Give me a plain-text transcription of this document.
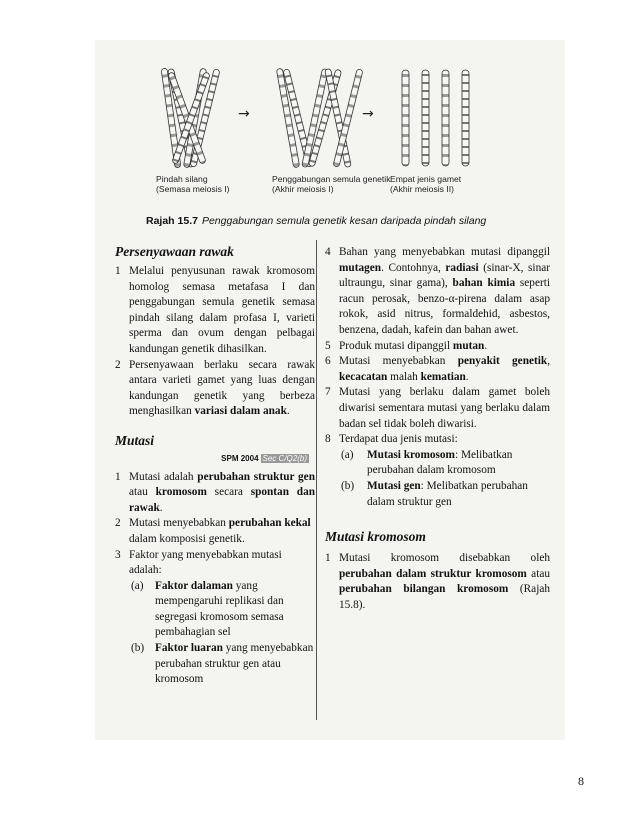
→	→
Pindah silang
(Semasa meiosis I)
Penggabungan semula genetik
(Akhir meiosis I)
Empat jenis gamet
(Akhir meiosis II)
Rajah 15.7 Penggabungan semula genetik kesan daripada pindah silang
Persenyawaan rawak

1 Melalui penyusunan rawak kromosom homolog semasa metafasa I dan penggabungan semula genetik semasa pindah silang dalam profasa I, varieti sperma dan ovum dengan pelbagai kandungan genetik dihasilkan.

2 Persenyawaan berlaku secara rawak antara varieti gamet yang luas dengan kandungan genetik yang berbeza menghasilkan variasi dalam anak.

Mutasi
SPM 2004 Sec C/Q2(b)

1 Mutasi adalah perubahan struktur gen atau kromosom secara spontan dan rawak.

2 Mutasi menyebabkan perubahan kekal dalam komposisi genetik.

3 Faktor yang menyebabkan mutasi adalah:

(a) Faktor dalaman yang mempengaruhi replikasi dan segregasi kromosom semasa pembahagian sel

(b) Faktor luaran yang menyebabkan perubahan struktur gen atau kromosom

4 Bahan yang menyebabkan mutasi dipanggil mutagen. Contohnya, radiasi (sinar-X, sinar ultraungu, sinar gama), bahan kimia seperti racun perosak, benzo-α-pirena dalam asap rokok, asid nitrus, formaldehid, asbestos, benzena, dadah, kafein dan bahan awet.

5 Produk mutasi dipanggil mutan.

6 Mutasi menyebabkan penyakit genetik, kecacatan malah kematian.

7 Mutasi yang berlaku dalam gamet boleh diwarisi sementara mutasi yang berlaku dalam badan sel tidak boleh diwarisi.

8 Terdapat dua jenis mutasi:

(a) Mutasi kromosom: Melibatkan perubahan dalam kromosom

(b) Mutasi gen: Melibatkan perubahan dalam struktur gen

Mutasi kromosom

1 Mutasi kromosom disebabkan oleh perubahan dalam struktur kromosom atau perubahan bilangan kromosom (Rajah 15.8).

8
